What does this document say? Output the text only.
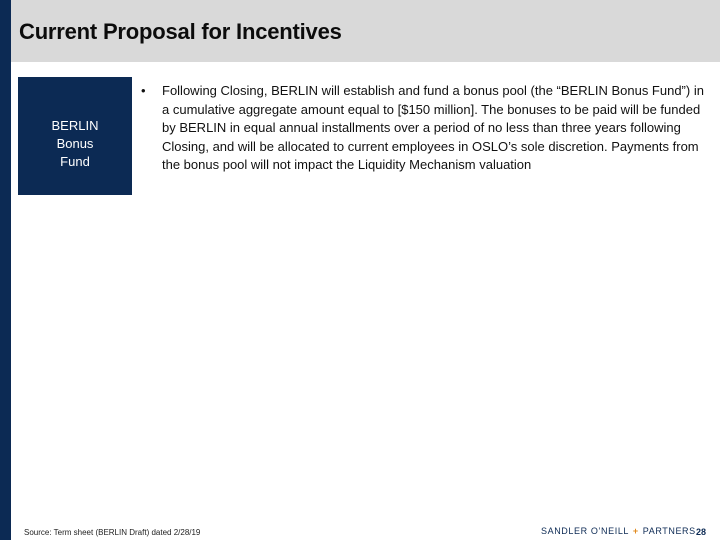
Current Proposal for Incentives
BERLIN
Bonus
Fund
• Following Closing, BERLIN will establish and fund a bonus pool (the “BERLIN Bonus Fund”) in a cumulative aggregate amount equal to [$150 million]. The bonuses to be paid will be funded by BERLIN in equal annual installments over a period of no less than three years following Closing, and will be allocated to current employees in OSLO’s sole discretion. Payments from the bonus pool will not impact the Liquidity Mechanism valuation
Source: Term sheet (BERLIN Draft) dated 2/28/19	SANDLER O’NEILL + PARTNERS 28
